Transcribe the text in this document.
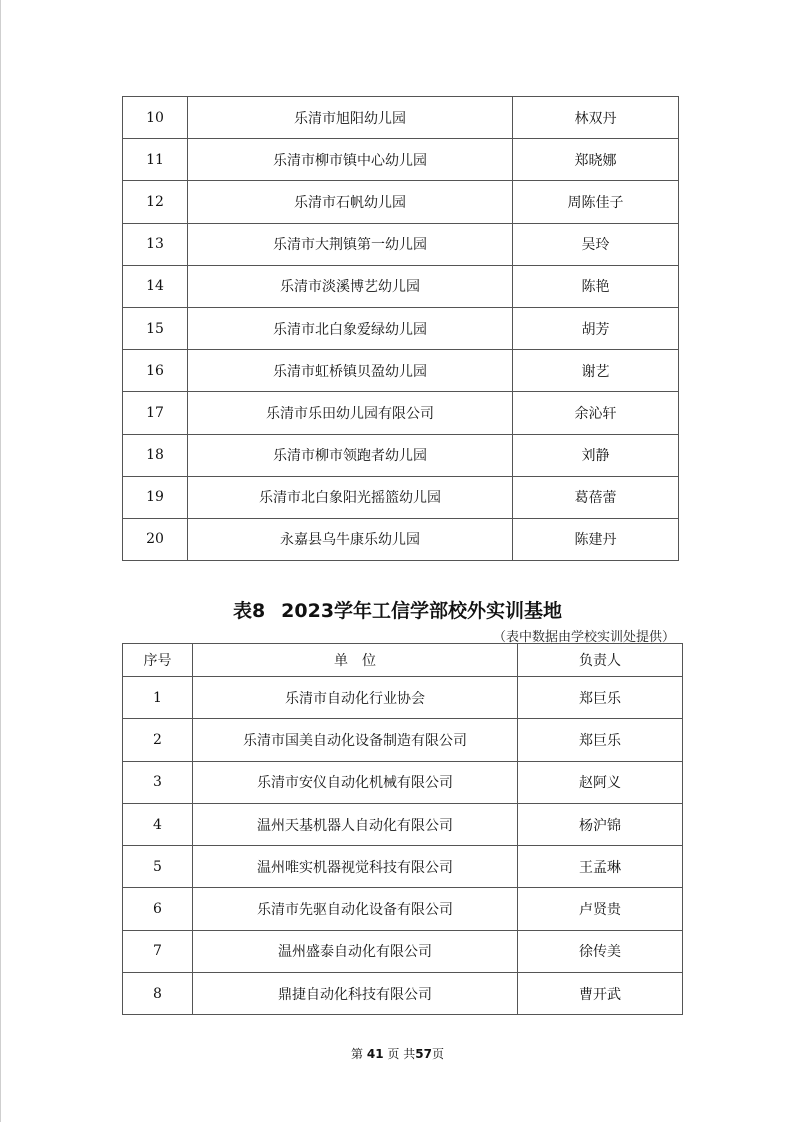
10	乐清市旭阳幼儿园	林双丹
11	乐清市柳市镇中心幼儿园	郑晓娜
12	乐清市石帆幼儿园	周陈佳子
13	乐清市大荆镇第一幼儿园	吴玲
14	乐清市淡溪博艺幼儿园	陈艳
15	乐清市北白象爱绿幼儿园	胡芳
16	乐清市虹桥镇贝盈幼儿园	谢艺
17	乐清市乐田幼儿园有限公司	余沁轩
18	乐清市柳市领跑者幼儿园	刘静
19	乐清市北白象阳光摇篮幼儿园	葛蓓蕾
20	永嘉县乌牛康乐幼儿园	陈建丹
表8 2023学年工信学部校外实训基地
（表中数据由学校实训处提供）
序号	单　位	负责人
1	乐清市自动化行业协会	郑巨乐
2	乐清市国美自动化设备制造有限公司	郑巨乐
3	乐清市安仪自动化机械有限公司	赵阿义
4	温州天基机器人自动化有限公司	杨沪锦
5	温州唯实机器视觉科技有限公司	王孟琳
6	乐清市先驱自动化设备有限公司	卢贤贵
7	温州盛泰自动化有限公司	徐传美
8	鼎捷自动化科技有限公司	曹开武
第 41 页 共57页
